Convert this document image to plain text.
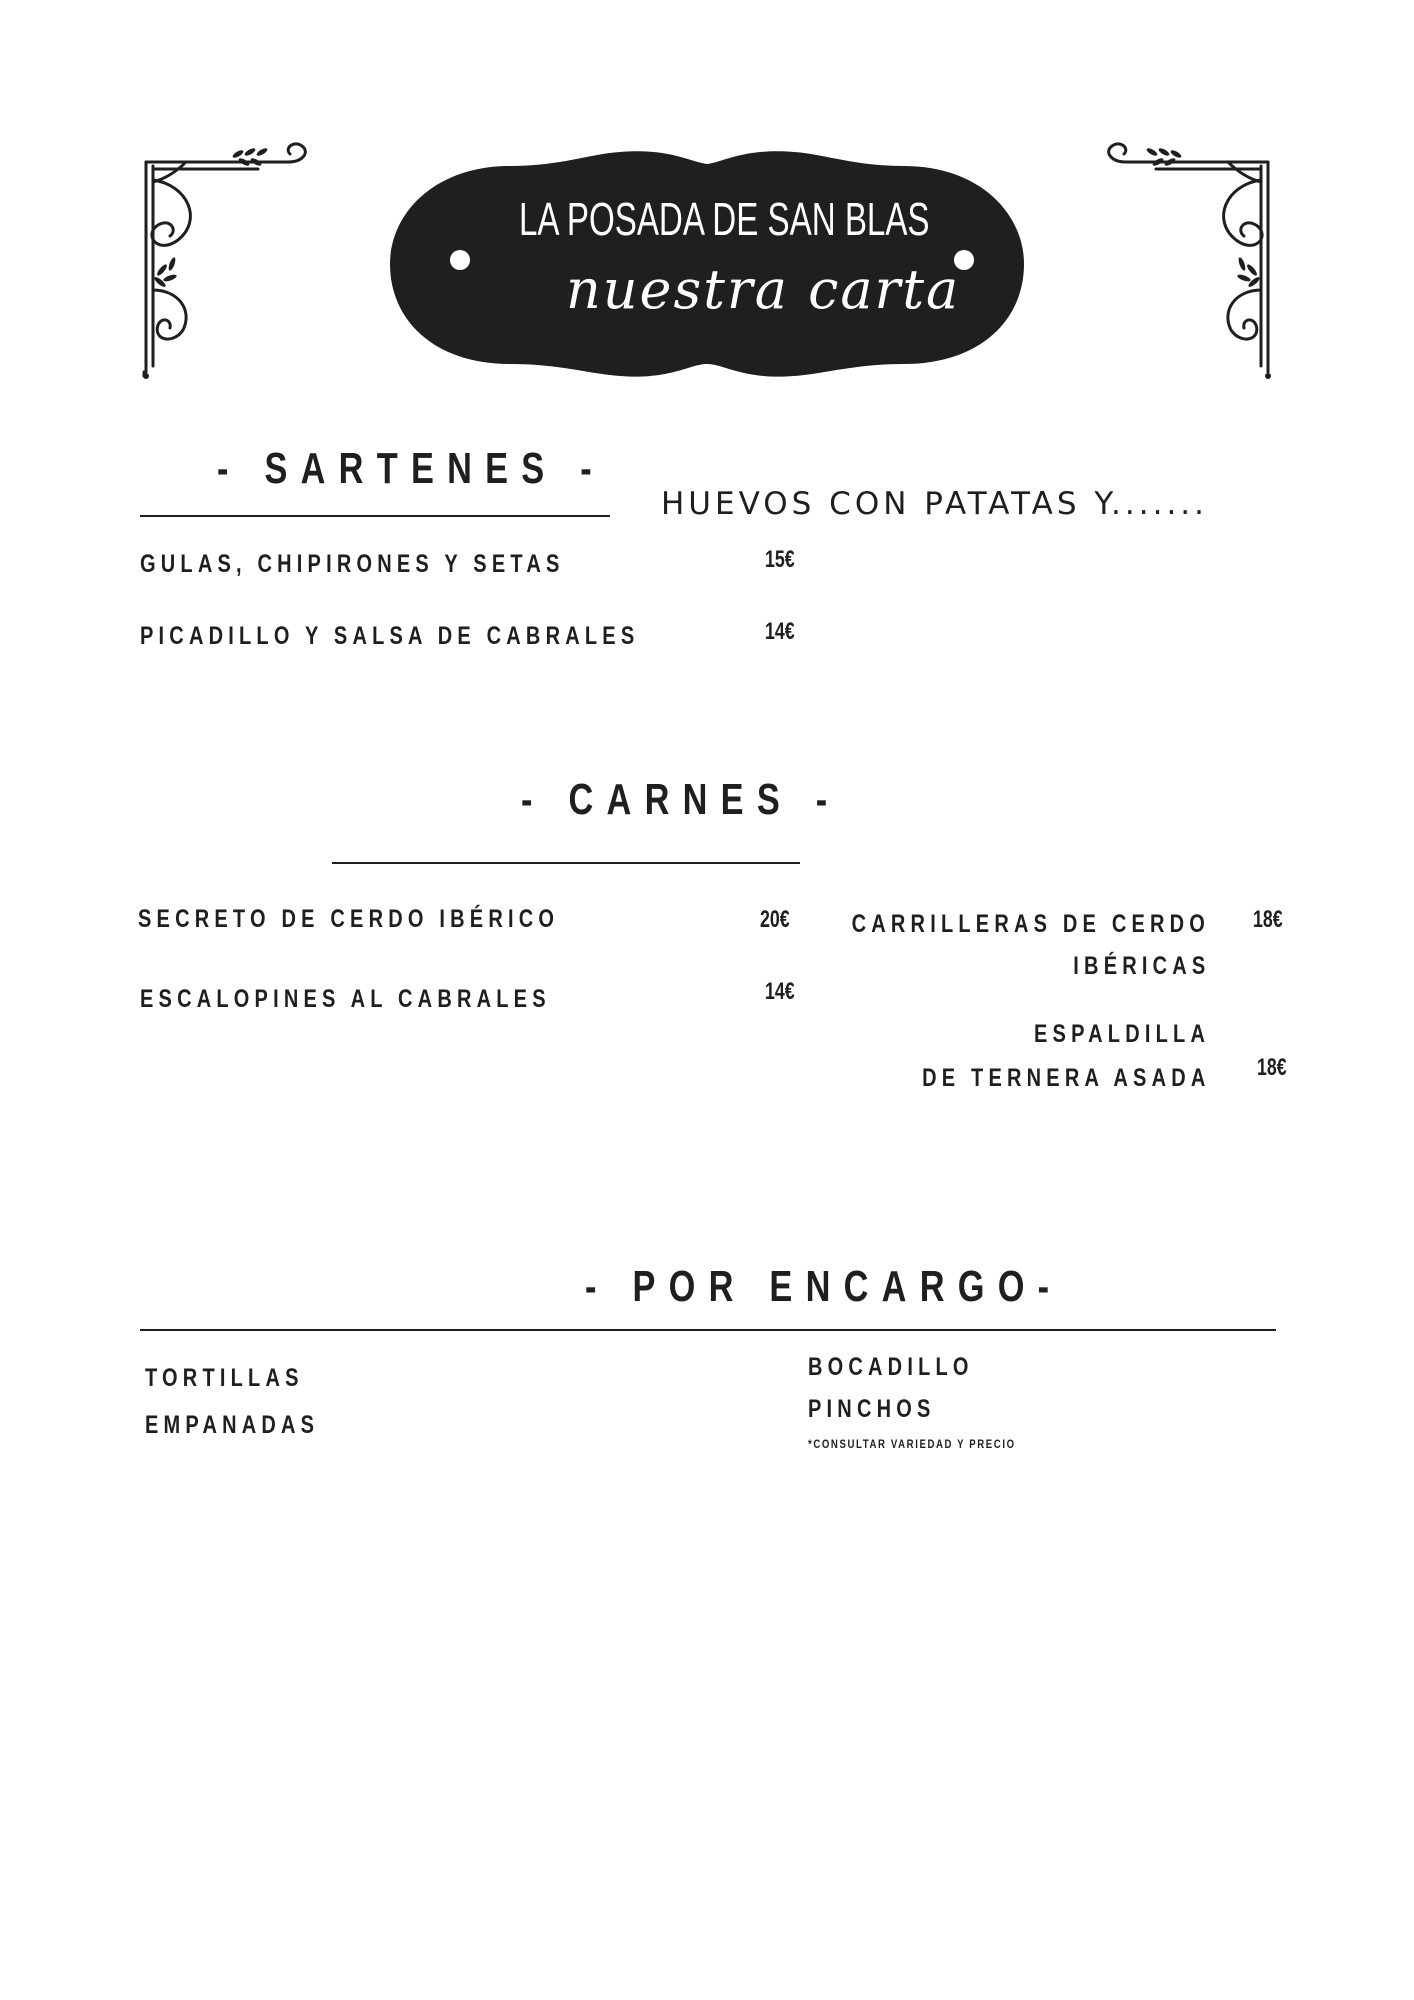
LA POSADA DE SAN BLAS
nuestra carta
- SARTENES -
HUEVOS CON PATATAS Y.......
GULAS, CHIPIRONES Y SETAS	15€
PICADILLO Y SALSA DE CABRALES	14€
- CARNES -
SECRETO DE CERDO IBÉRICO	20€
ESCALOPINES AL CABRALES	14€
CARRILLERAS DE CERDO
IBÉRICAS
18€
ESPALDILLA
DE TERNERA ASADA 18€
- POR ENCARGO-
TORTILLAS
EMPANADAS
BOCADILLO
PINCHOS
*CONSULTAR VARIEDAD Y PRECIO
